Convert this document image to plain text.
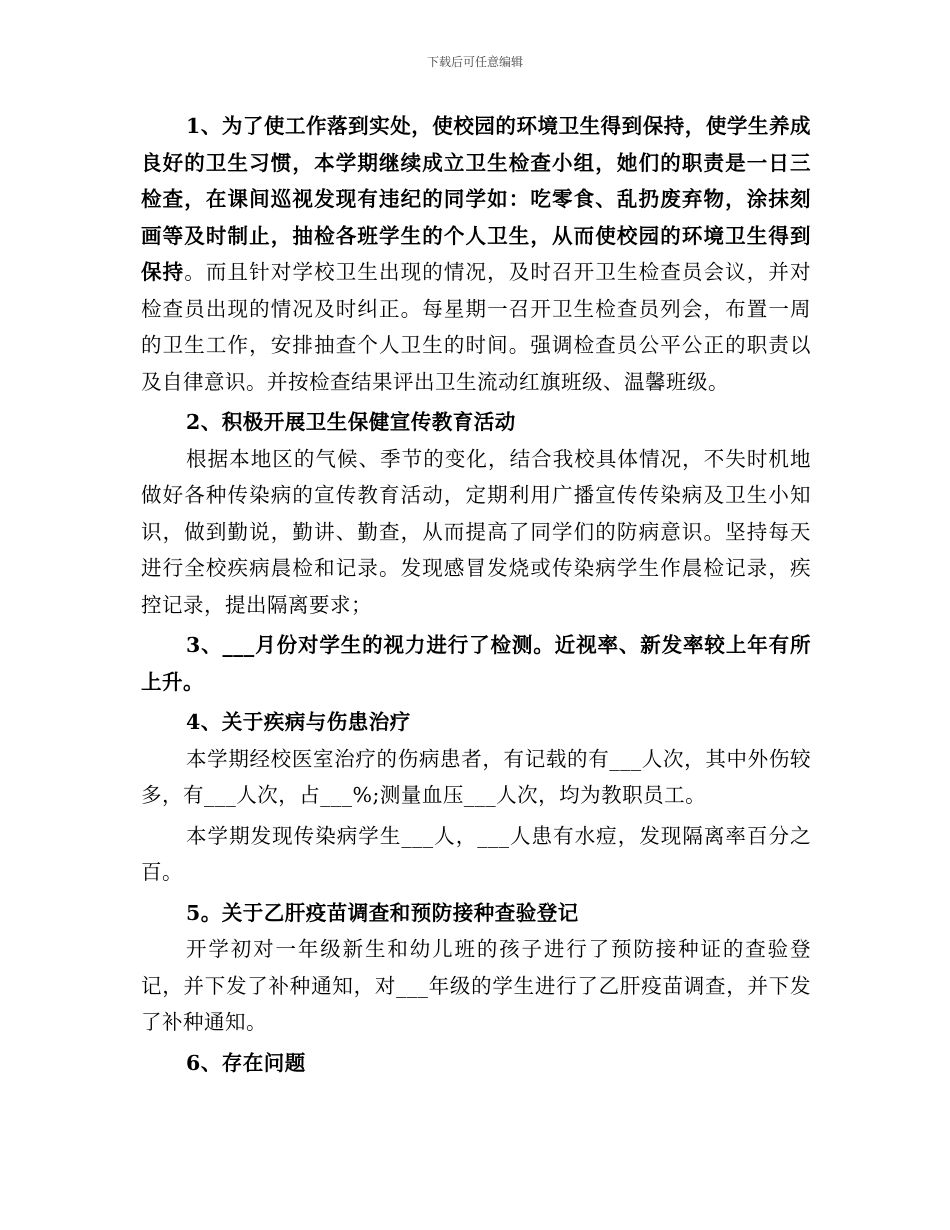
下载后可任意编辑

1、为了使工作落到实处，使校园的环境卫生得到保持，使学生养成良好的卫生习惯，本学期继续成立卫生检查小组，她们的职责是一日三检查，在课间巡视发现有违纪的同学如：吃零食、乱扔废弃物，涂抹刻画等及时制止，抽检各班学生的个人卫生，从而使校园的环境卫生得到保持。而且针对学校卫生出现的情况，及时召开卫生检查员会议，并对检查员出现的情况及时纠正。每星期一召开卫生检查员列会，布置一周的卫生工作，安排抽查个人卫生的时间。强调检查员公平公正的职责以及自律意识。并按检查结果评出卫生流动红旗班级、温馨班级。

2、积极开展卫生保健宣传教育活动

根据本地区的气候、季节的变化，结合我校具体情况，不失时机地做好各种传染病的宣传教育活动，定期利用广播宣传传染病及卫生小知识，做到勤说，勤讲、勤查，从而提高了同学们的防病意识。坚持每天进行全校疾病晨检和记录。发现感冒发烧或传染病学生作晨检记录，疾控记录，提出隔离要求；

3、___月份对学生的视力进行了检测。近视率、新发率较上年有所上升。

4、关于疾病与伤患治疗

本学期经校医室治疗的伤病患者，有记载的有___人次，其中外伤较多，有___人次，占___%;测量血压___人次，均为教职员工。

本学期发现传染病学生___人，___人患有水痘，发现隔离率百分之百。

5。关于乙肝疫苗调查和预防接种查验登记

开学初对一年级新生和幼儿班的孩子进行了预防接种证的查验登记，并下发了补种通知，对___年级的学生进行了乙肝疫苗调查，并下发了补种通知。

6、存在问题
